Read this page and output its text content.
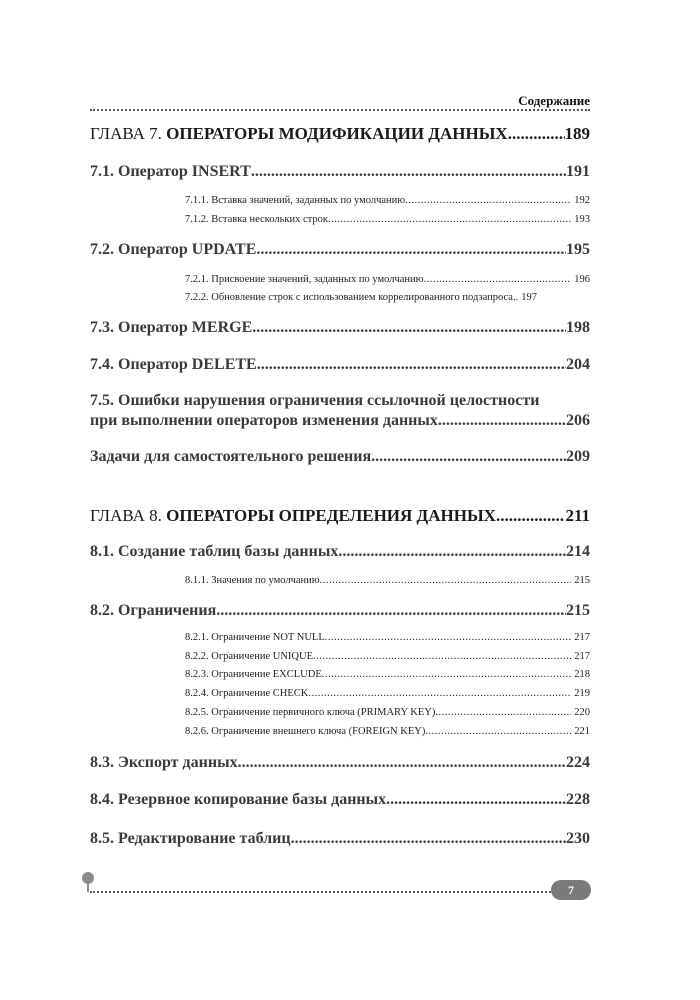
Содержание
ГЛАВА 7. ОПЕРАТОРЫ МОДИФИКАЦИИ ДАННЫХ .....	189
7.1. Оператор INSERT .....	191
7.1.1. Вставка значений, заданных по умолчанию .....	192
7.1.2. Вставка нескольких строк .....	193
7.2. Оператор UPDATE .....	195
7.2.1. Присвоение значений, заданных по умолчанию .....	196
7.2.2. Обновление строк с использованием коррелированного подзапроса.. 197
7.3. Оператор MERGE .....	198
7.4. Оператор DELETE .....	204
7.5. Ошибки нарушения ограничения ссылочной целостности
при выполнении операторов изменения данных .....	206
Задачи для самостоятельного решения .....	209
ГЛАВА 8. ОПЕРАТОРЫ ОПРЕДЕЛЕНИЯ ДАННЫХ .....	211
8.1. Создание таблиц базы данных .....	214
8.1.1. Значения по умолчанию .....	215
8.2. Ограничения .....	215
8.2.1. Ограничение NOT NULL .....	217
8.2.2. Ограничение UNIQUE .....	217
8.2.3. Ограничение EXCLUDE .....	218
8.2.4. Ограничение CHECK .....	219
8.2.5. Ограничение первичного ключа (PRIMARY KEY) .....	220
8.2.6. Ограничение внешнего ключа (FOREIGN KEY) .....	221
8.3. Экспорт данных .....	224
8.4. Резервное копирование базы данных .....	228
8.5. Редактирование таблиц .....	230
7
